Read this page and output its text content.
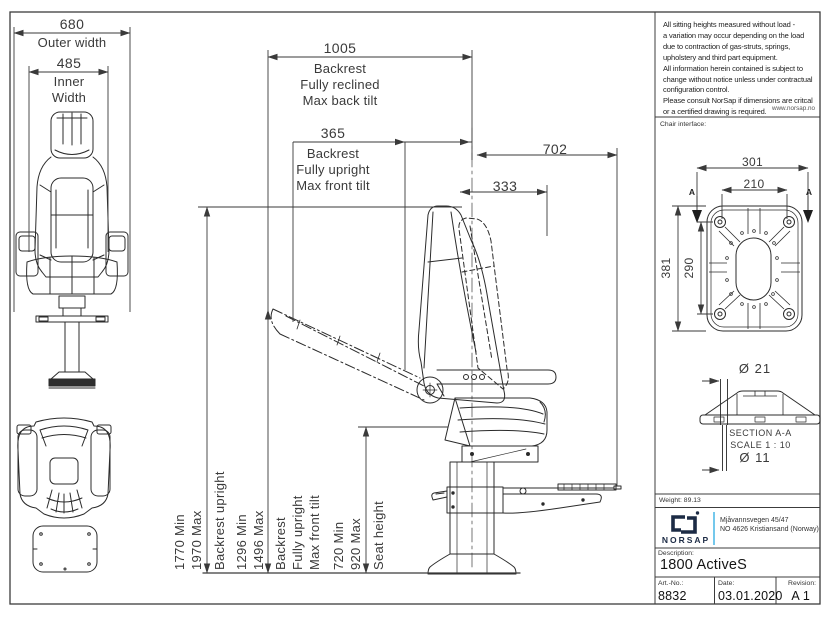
All sitting heights measured without load -
a variation may occur depending on the load
due to contraction of gas-struts, springs,
upholstery and third part equipment.
All information herein contained is subject to
change without notice unless under contractual
configuration control.
Please consult NorSap if dimensions are critcal
or a certified drawing is required. www.norsap.no
Chair interface:
680
Outer width
485
Inner
Width
1005
Backrest
Fully reclined
Max back tilt
365
Backrest
Fully upright
Max front tilt
702
333
1770 Min 1970 Max Backrest upright 1296 Min 1496 Max Backrest Fully upright Max front tilt 720 Min 920 Max Seat height
A	A
301
210
381 290
Ø 21
SECTION A-A
SCALE 1 : 10
Ø 11
Weight: 89.13
NORSAP
Mjåvannsvegen 45/47
NO 4626 Kristiansand (Norway)
Description:
1800 ActiveS
Art.-No.:
8832
Date:
03.01.2020
Revision:
A 1
